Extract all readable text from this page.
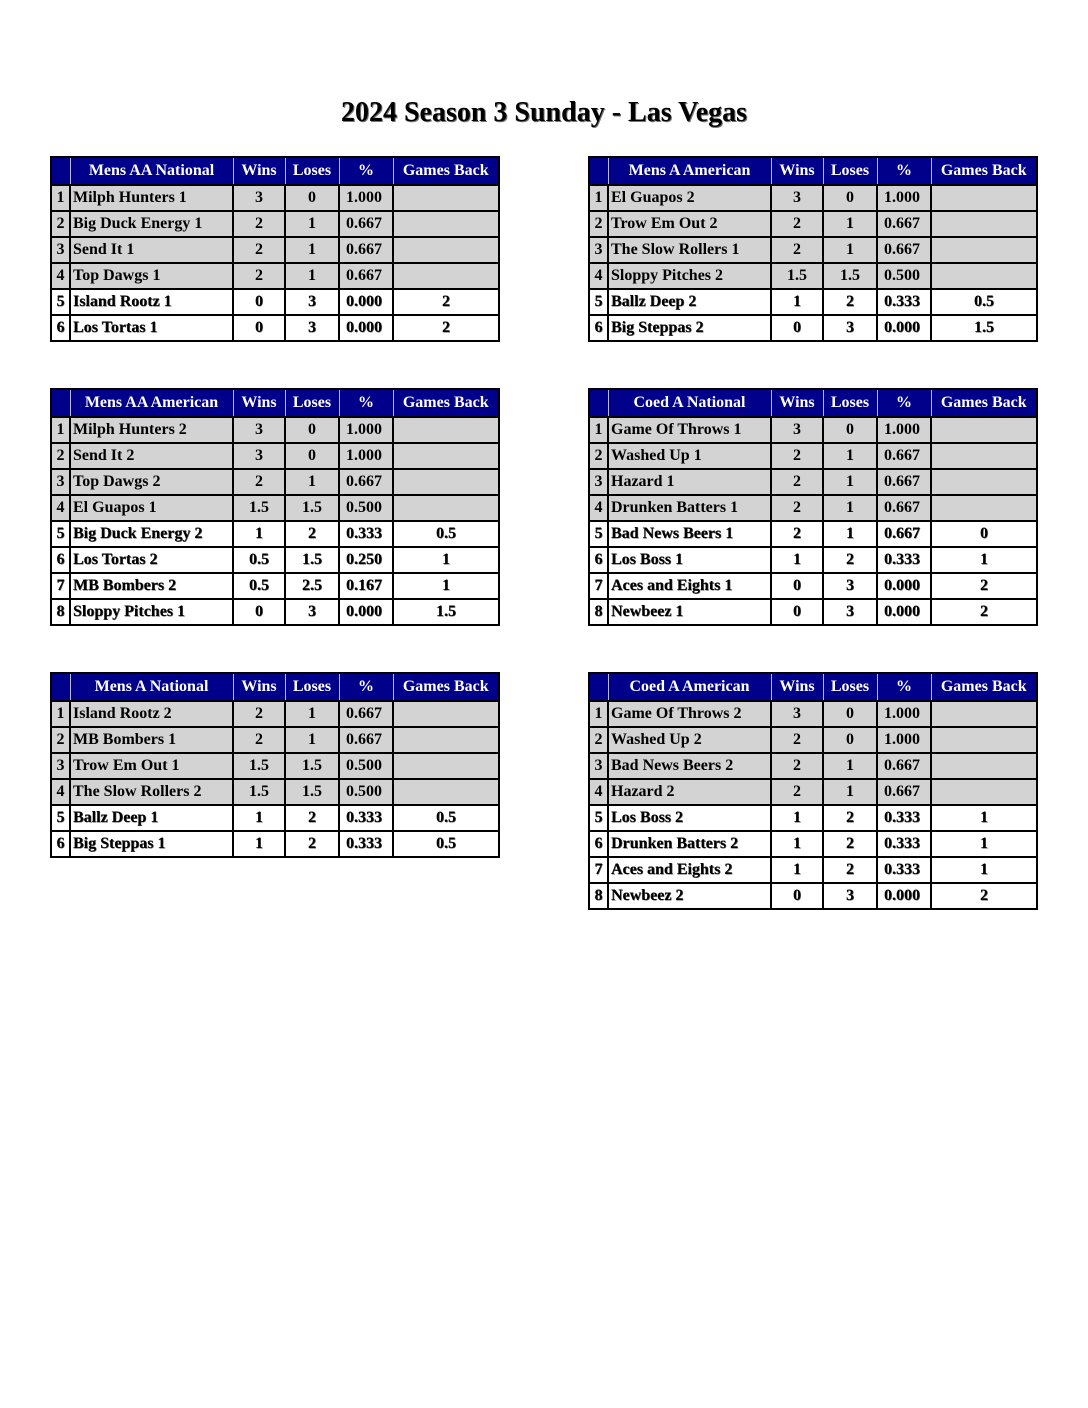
2024 Season 3 Sunday - Las Vegas
	Mens AA National	Wins	Loses	%	Games Back
1	Milph Hunters 1	3	0	1.000	
2	Big Duck Energy 1	2	1	0.667	
3	Send It 1	2	1	0.667	
4	Top Dawgs 1	2	1	0.667	
5	Island Rootz 1	0	3	0.000	2
6	Los Tortas 1	0	3	0.000	2
	Mens A American	Wins	Loses	%	Games Back
1	El Guapos 2	3	0	1.000	
2	Trow Em Out 2	2	1	0.667	
3	The Slow Rollers 1	2	1	0.667	
4	Sloppy Pitches 2	1.5	1.5	0.500	
5	Ballz Deep 2	1	2	0.333	0.5
6	Big Steppas 2	0	3	0.000	1.5
	Mens AA American	Wins	Loses	%	Games Back
1	Milph Hunters 2	3	0	1.000	
2	Send It 2	3	0	1.000	
3	Top Dawgs 2	2	1	0.667	
4	El Guapos 1	1.5	1.5	0.500	
5	Big Duck Energy 2	1	2	0.333	0.5
6	Los Tortas 2	0.5	1.5	0.250	1
7	MB Bombers 2	0.5	2.5	0.167	1
8	Sloppy Pitches 1	0	3	0.000	1.5
	Coed A National	Wins	Loses	%	Games Back
1	Game Of Throws 1	3	0	1.000	
2	Washed Up 1	2	1	0.667	
3	Hazard 1	2	1	0.667	
4	Drunken Batters 1	2	1	0.667	
5	Bad News Beers 1	2	1	0.667	0
6	Los Boss 1	1	2	0.333	1
7	Aces and Eights 1	0	3	0.000	2
8	Newbeez 1	0	3	0.000	2
	Mens A National	Wins	Loses	%	Games Back
1	Island Rootz 2	2	1	0.667	
2	MB Bombers 1	2	1	0.667	
3	Trow Em Out 1	1.5	1.5	0.500	
4	The Slow Rollers 2	1.5	1.5	0.500	
5	Ballz Deep 1	1	2	0.333	0.5
6	Big Steppas 1	1	2	0.333	0.5
	Coed A American	Wins	Loses	%	Games Back
1	Game Of Throws 2	3	0	1.000	
2	Washed Up 2	2	0	1.000	
3	Bad News Beers 2	2	1	0.667	
4	Hazard 2	2	1	0.667	
5	Los Boss 2	1	2	0.333	1
6	Drunken Batters 2	1	2	0.333	1
7	Aces and Eights 2	1	2	0.333	1
8	Newbeez 2	0	3	0.000	2
